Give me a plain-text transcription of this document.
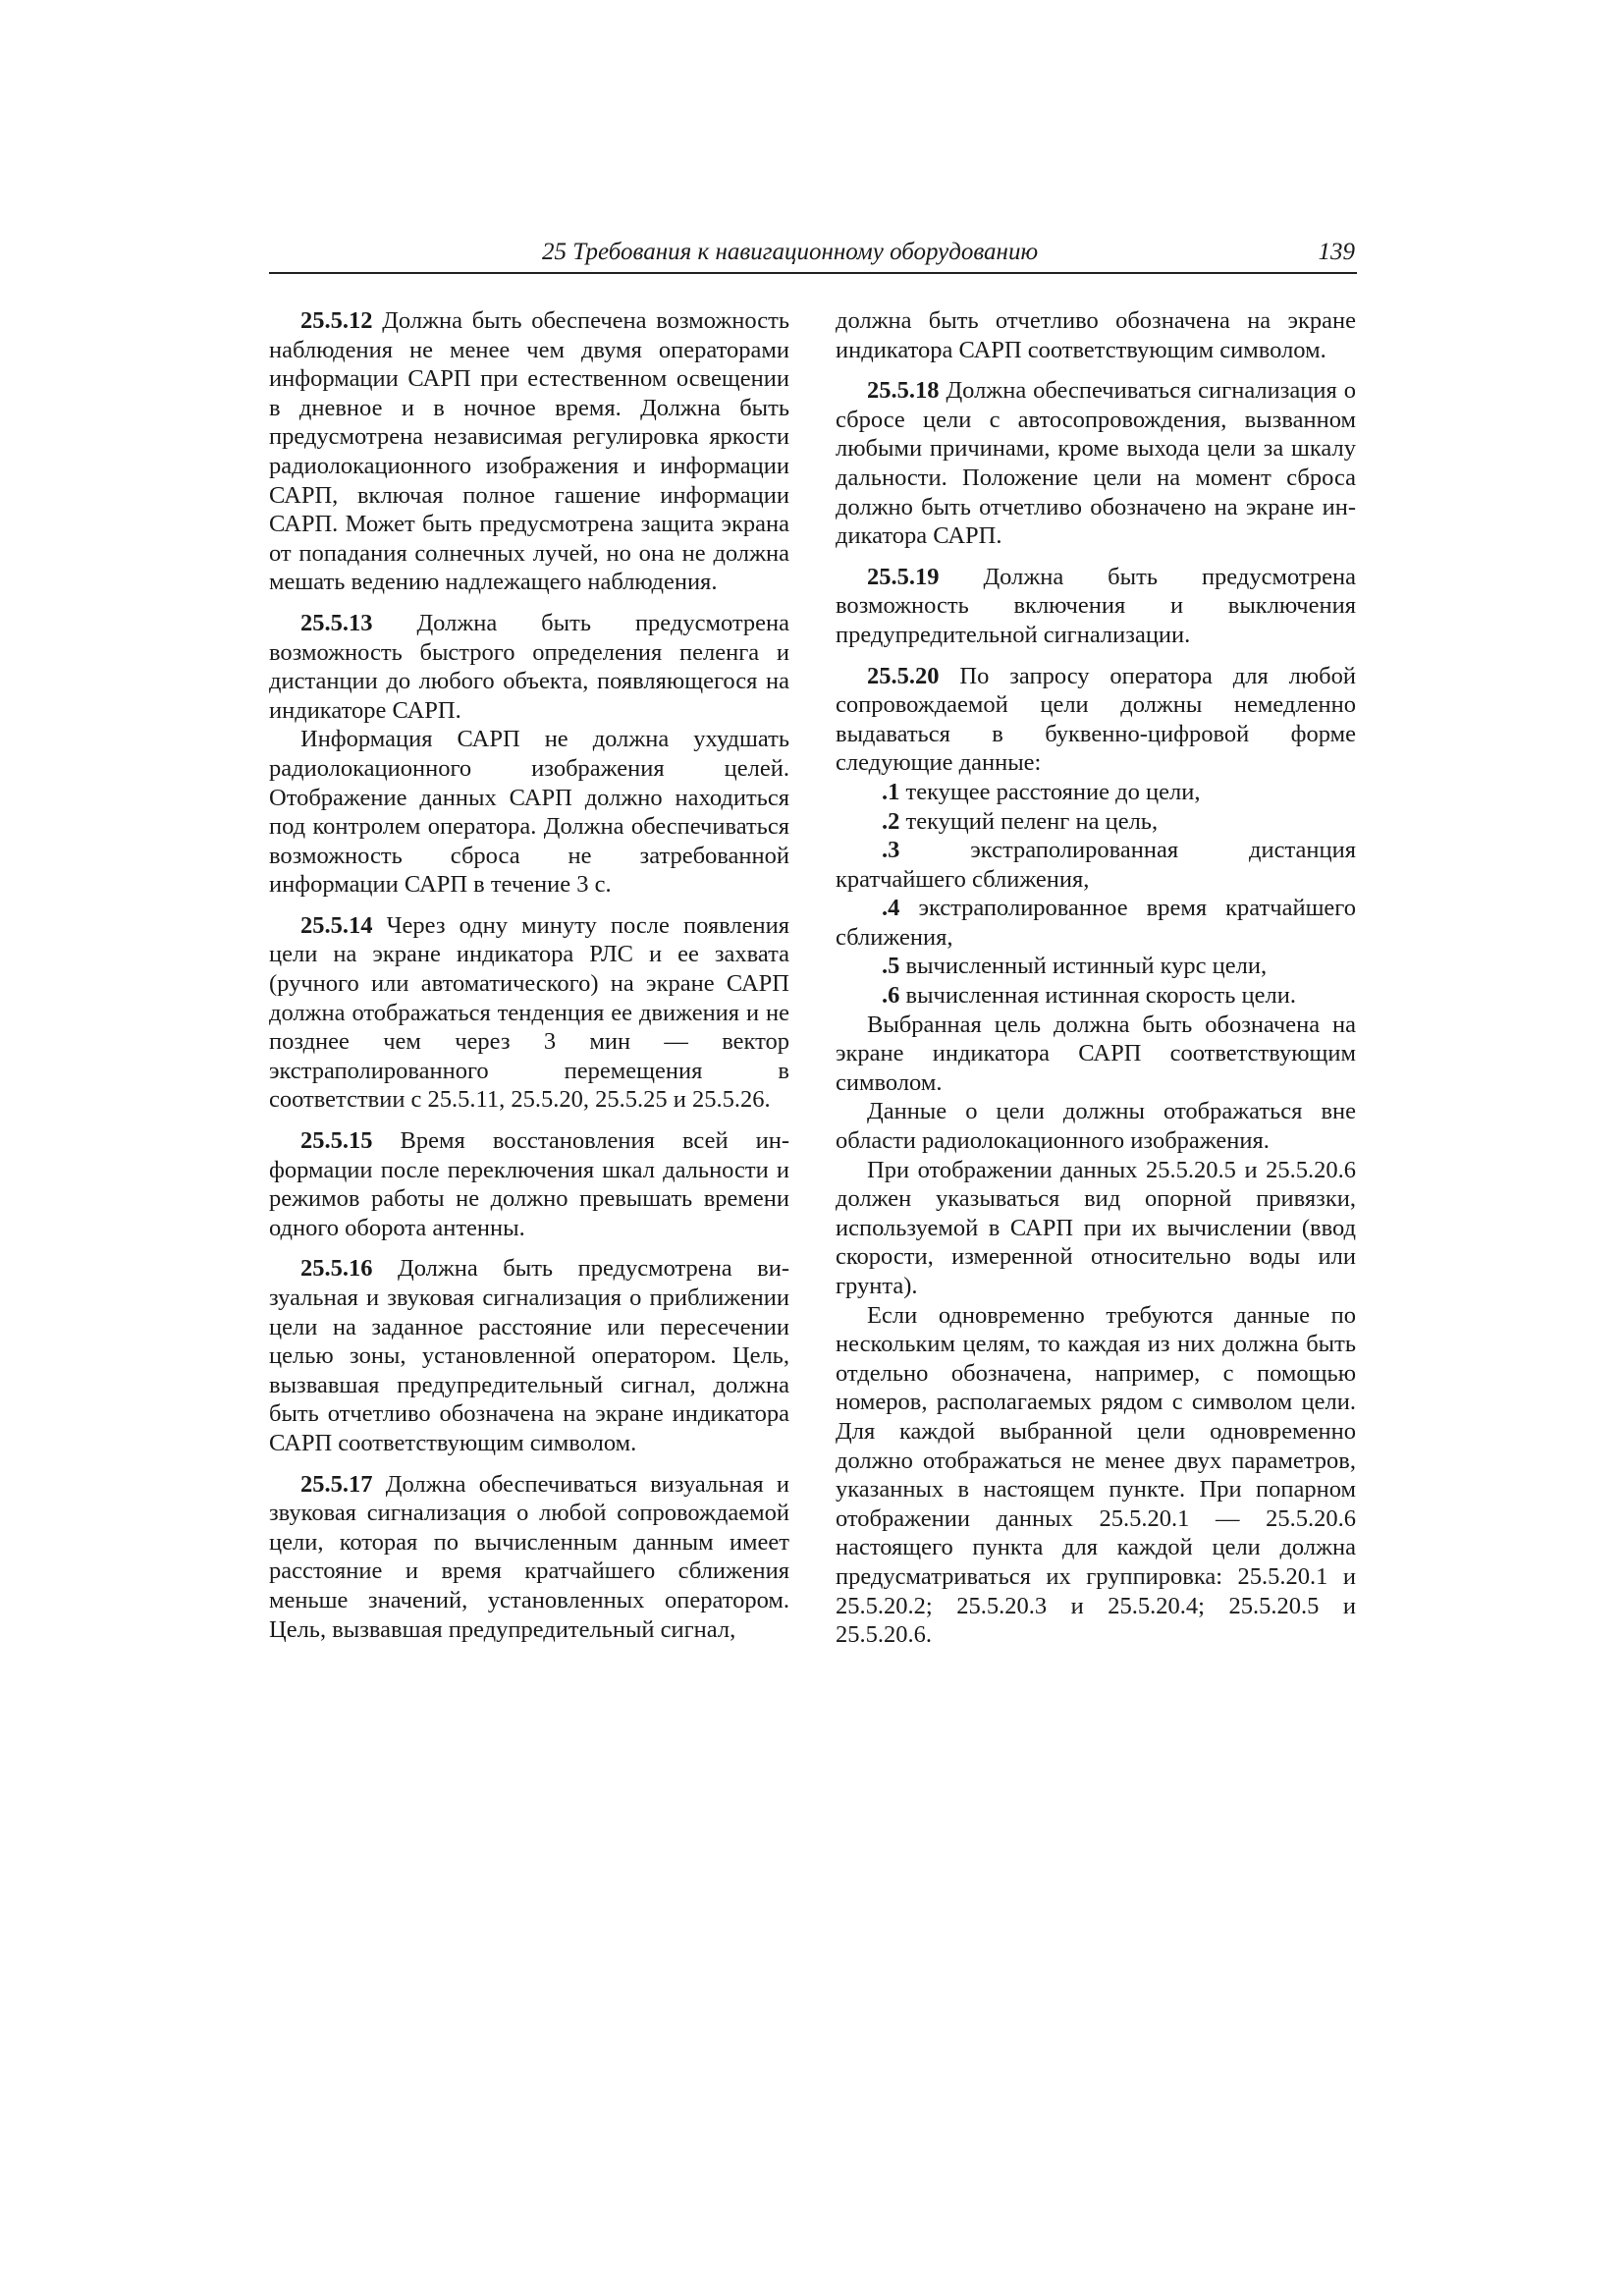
25 Требования к навигационному оборудованию	139

25.5.12 Должна быть обеспечена возможность наблюдения не менее чем двумя операторами информации САРП при естественном освещении в дневное и в ночное время. Должна быть предусмотрена независимая регулировка яркости радиолокационного изображения и информации САРП, включая полное гашение информации САРП. Может быть предусмотрена защита экрана от попадания солнечных лучей, но она не должна мешать ведению надлежащего наблюдения.

25.5.13 Должна быть предусмотрена возможность быстрого определения пеленга и дистанции до любого объекта, появляющегося на индикаторе САРП.

Информация САРП не должна ухудшать радиолокационного изображения целей. Отображение данных САРП должно находиться под контролем оператора. Должна обеспечиваться возможность сброса не затребованной информации САРП в течение 3 с.

25.5.14 Через одну минуту после появления цели на экране индикатора РЛС и ее захвата (ручного или автоматического) на экране САРП должна отображаться тенденция ее движения и не позднее чем через 3 мин — вектор экстраполированного перемещения в соответствии с 25.5.11, 25.5.20, 25.5.25 и 25.5.26.

25.5.15 Время восстановления всей информации после переключения шкал дальности и режимов работы не должно превышать времени одного оборота антенны.

25.5.16 Должна быть предусмотрена визуальная и звуковая сигнализация о приближении цели на заданное расстояние или пересечении целью зоны, установленной оператором. Цель, вызвавшая предупредительный сигнал, должна быть отчетливо обозначена на экране индикатора САРП соответствующим символом.

25.5.17 Должна обеспечиваться визуальная и звуковая сигнализация о любой сопровождаемой цели, которая по вычисленным данным имеет расстояние и время кратчайшего сближения меньше значений, установленных оператором. Цель, вызвавшая предупредительный сигнал,

должна быть отчетливо обозначена на экране индикатора САРП соответствующим символом.

25.5.18 Должна обеспечиваться сигнализация о сбросе цели с автосопровождения, вызванном любыми причинами, кроме выхода цели за шкалу дальности. Положение цели на момент сброса должно быть отчетливо обозначено на экране индикатора САРП.

25.5.19 Должна быть предусмотрена возможность включения и выключения предупредительной сигнализации.

25.5.20 По запросу оператора для любой сопровождаемой цели должны немедленно выдаваться в буквенно-цифровой форме следующие данные:

.1 текущее расстояние до цели,

.2 текущий пеленг на цель,

.3 экстраполированная дистанция кратчайшего сближения,

.4 экстраполированное время кратчайшего сближения,

.5 вычисленный истинный курс цели,

.6 вычисленная истинная скорость цели.

Выбранная цель должна быть обозначена на экране индикатора САРП соответствующим символом.

Данные о цели должны отображаться вне области радиолокационного изображения.

При отображении данных 25.5.20.5 и 25.5.20.6 должен указываться вид опорной привязки, используемой в САРП при их вычислении (ввод скорости, измеренной относительно воды или грунта).

Если одновременно требуются данные по нескольким целям, то каждая из них должна быть отдельно обозначена, например, с помощью номеров, располагаемых рядом с символом цели. Для каждой выбранной цели одновременно должно отображаться не менее двух параметров, указанных в настоящем пункте. При попарном отображении данных 25.5.20.1 — 25.5.20.6 настоящего пункта для каждой цели должна предусматриваться их группировка: 25.5.20.1 и 25.5.20.2; 25.5.20.3 и 25.5.20.4; 25.5.20.5 и 25.5.20.6.
